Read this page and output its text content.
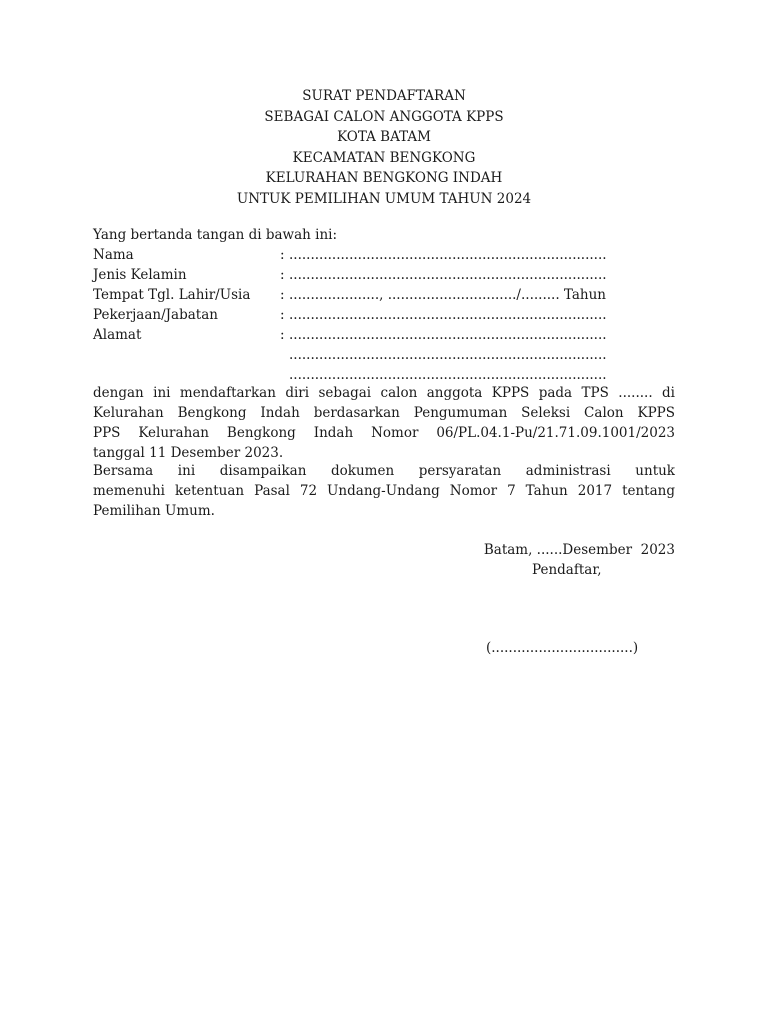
SURAT PENDAFTARAN
SEBAGAI CALON ANGGOTA KPPS
KOTA BATAM
KECAMATAN BENGKONG
KELURAHAN BENGKONG INDAH
UNTUK PEMILIHAN UMUM TAHUN 2024
Yang bertanda tangan di bawah ini:
Nama	: ..........................................................................
Jenis Kelamin	: ..........................................................................
Tempat Tgl. Lahir/Usia : ....................., ............................../......... Tahun
Pekerjaan/Jabatan	: ..........................................................................
Alamat	: ..........................................................................
..........................................................................
..........................................................................
dengan ini mendaftarkan diri sebagai calon anggota KPPS pada TPS ........ di
Kelurahan Bengkong Indah berdasarkan Pengumuman Seleksi Calon KPPS
PPS Kelurahan Bengkong Indah Nomor 06/PL.04.1-Pu/21.71.09.1001/2023
tanggal 11 Desember 2023.
Bersama ini disampaikan dokumen persyaratan administrasi untuk
memenuhi ketentuan Pasal 72 Undang-Undang Nomor 7 Tahun 2017 tentang
Pemilihan Umum.
Batam, ......Desember  2023
Pendaftar,
(.................................)
